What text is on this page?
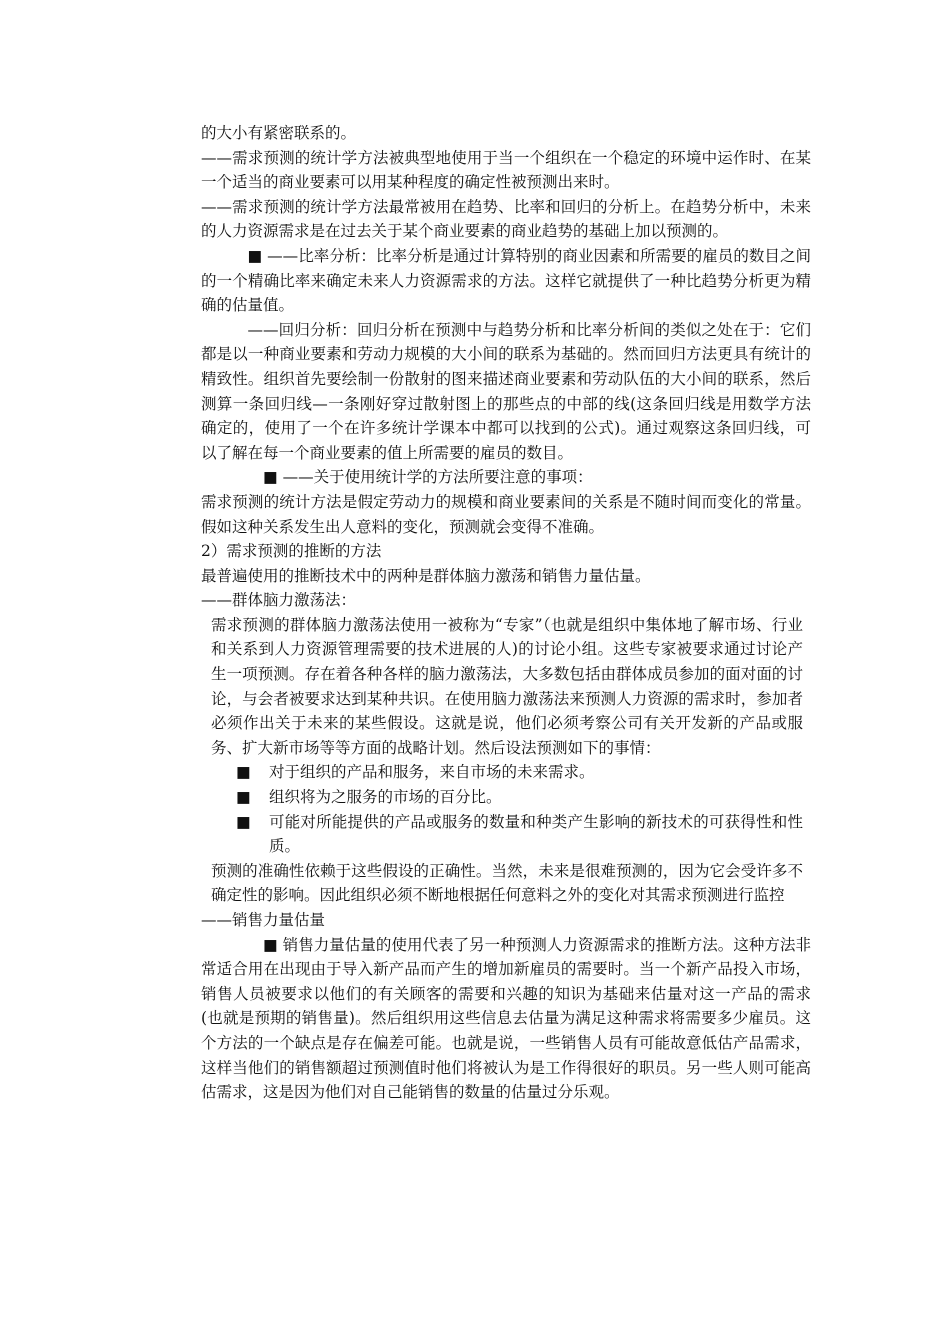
的大小有紧密联系的。

——需求预测的统计学方法被典型地使用于当一个组织在一个稳定的环境中运作时、在某一个适当的商业要素可以用某种程度的确定性被预测出来时。

——需求预测的统计学方法最常被用在趋势、比率和回归的分析上。在趋势分析中，未来的人力资源需求是在过去关于某个商业要素的商业趋势的基础上加以预测的。

■ ——比率分析：比率分析是通过计算特别的商业因素和所需要的雇员的数目之间的一个精确比率来确定未来人力资源需求的方法。这样它就提供了一种比趋势分析更为精确的估量值。

——回归分析：回归分析在预测中与趋势分析和比率分析间的类似之处在于：它们都是以一种商业要素和劳动力规模的大小间的联系为基础的。然而回归方法更具有统计的精致性。组织首先要绘制一份散射的图来描述商业要素和劳动队伍的大小间的联系，然后测算一条回归线—一条刚好穿过散射图上的那些点的中部的线(这条回归线是用数学方法确定的，使用了一个在许多统计学课本中都可以找到的公式)。通过观察这条回归线，可以了解在每一个商业要素的值上所需要的雇员的数目。

■ ——关于使用统计学的方法所要注意的事项：

需求预测的统计方法是假定劳动力的规模和商业要素间的关系是不随时间而变化的常量。假如这种关系发生出人意料的变化，预测就会变得不准确。

2）需求预测的推断的方法

最普遍使用的推断技术中的两种是群体脑力激荡和销售力量估量。

——群体脑力激荡法：

需求预测的群体脑力激荡法使用一被称为“专家”（也就是组织中集体地了解市场、行业和关系到人力资源管理需要的技术进展的人)的讨论小组。这些专家被要求通过讨论产生一项预测。存在着各种各样的脑力激荡法，大多数包括由群体成员参加的面对面的讨论，与会者被要求达到某种共识。在使用脑力激荡法来预测人力资源的需求时，参加者必须作出关于未来的某些假设。这就是说，他们必须考察公司有关开发新的产品或服务、扩大新市场等等方面的战略计划。然后设法预测如下的事情：

■	对于组织的产品和服务，来自市场的未来需求。
■	组织将为之服务的市场的百分比。
■	可能对所能提供的产品或服务的数量和种类产生影响的新技术的可获得性和性质。

预测的准确性依赖于这些假设的正确性。当然，未来是很难预测的，因为它会受许多不确定性的影响。因此组织必须不断地根据任何意料之外的变化对其需求预测进行监控

——销售力量估量

■ 销售力量估量的使用代表了另一种预测人力资源需求的推断方法。这种方法非常适合用在出现由于导入新产品而产生的增加新雇员的需要时。当一个新产品投入市场，销售人员被要求以他们的有关顾客的需要和兴趣的知识为基础来估量对这一产品的需求(也就是预期的销售量)。然后组织用这些信息去估量为满足这种需求将需要多少雇员。这个方法的一个缺点是存在偏差可能。也就是说，一些销售人员有可能故意低估产品需求，这样当他们的销售额超过预测值时他们将被认为是工作得很好的职员。另一些人则可能高估需求，这是因为他们对自己能销售的数量的估量过分乐观。
